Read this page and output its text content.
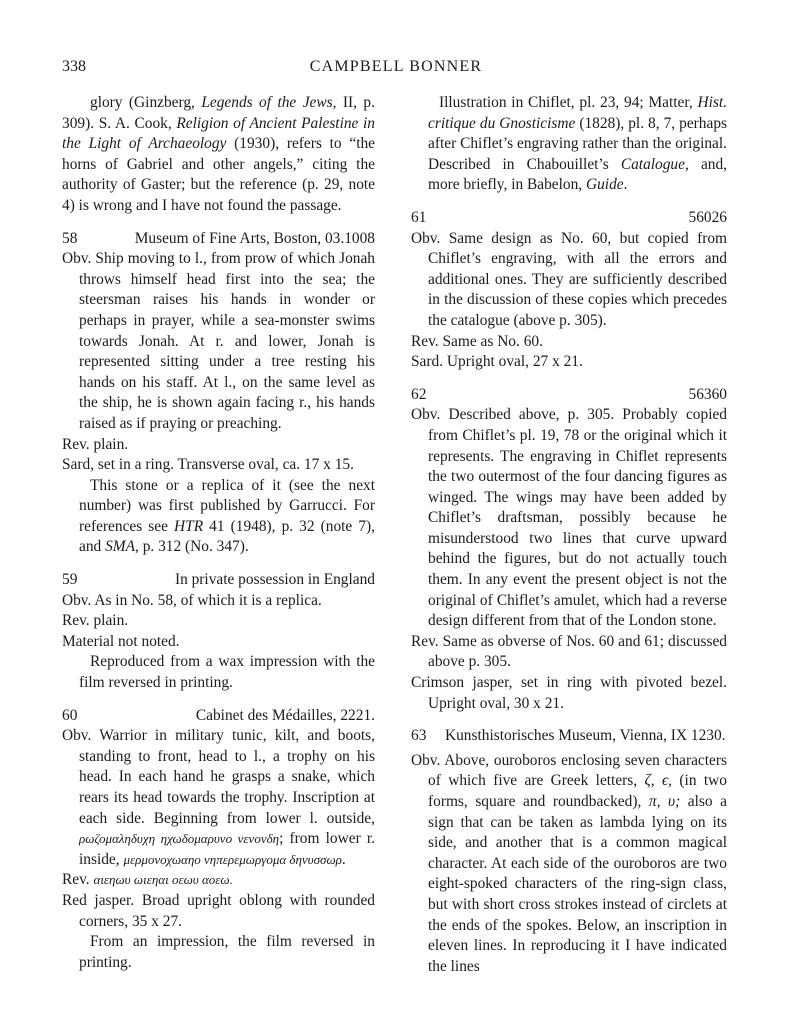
338	CAMPBELL BONNER

glory (Ginzberg, Legends of the Jews, II, p. 309). S. A. Cook, Religion of Ancient Palestine in the Light of Archaeology (1930), refers to “the horns of Gabriel and other angels,” citing the authority of Gaster; but the reference (p. 29, note 4) is wrong and I have not found the passage.

58	Museum of Fine Arts, Boston, 03.1008

Obv. Ship moving to l., from prow of which Jonah throws himself head first into the sea; the steersman raises his hands in wonder or perhaps in prayer, while a sea-monster swims towards Jonah. At r. and lower, Jonah is represented sitting under a tree resting his hands on his staff. At l., on the same level as the ship, he is shown again facing r., his hands raised as if praying or preaching.

Rev. plain.

Sard, set in a ring. Transverse oval, ca. 17 x 15.

This stone or a replica of it (see the next number) was first published by Garrucci. For references see HTR 41 (1948), p. 32 (note 7), and SMA, p. 312 (No. 347).

59	In private possession in England

Obv. As in No. 58, of which it is a replica.

Rev. plain.

Material not noted.

Reproduced from a wax impression with the film reversed in printing.

60	Cabinet des Médailles, 2221.

Obv. Warrior in military tunic, kilt, and boots, standing to front, head to l., a trophy on his head. In each hand he grasps a snake, which rears its head towards the trophy. Inscription at each side. Beginning from lower l. outside, ρωζομαληδυχη ηχωδομαρυνο νενονδη; from lower r. inside, μερμονοχωαηο νηπερεμωργομα δηνυσσωρ.

Rev. αιεηωυ ωιεηαι οεωυ αοεω.

Red jasper. Broad upright oblong with rounded corners, 35 x 27.

From an impression, the film reversed in printing.

Illustration in Chiflet, pl. 23, 94; Matter, Hist. critique du Gnosticisme (1828), pl. 8, 7, perhaps after Chiflet’s engraving rather than the original. Described in Chabouillet’s Catalogue, and, more briefly, in Babelon, Guide.

61	56026

Obv. Same design as No. 60, but copied from Chiflet’s engraving, with all the errors and additional ones. They are sufficiently described in the discussion of these copies which precedes the catalogue (above p. 305).

Rev. Same as No. 60.

Sard. Upright oval, 27 x 21.

62	56360

Obv. Described above, p. 305. Probably copied from Chiflet’s pl. 19, 78 or the original which it represents. The engraving in Chiflet represents the two outermost of the four dancing figures as winged. The wings may have been added by Chiflet’s draftsman, possibly because he misunderstood two lines that curve upward behind the figures, but do not actually touch them. In any event the present object is not the original of Chiflet’s amulet, which had a reverse design different from that of the London stone.

Rev. Same as obverse of Nos. 60 and 61; discussed above p. 305.

Crimson jasper, set in ring with pivoted bezel. Upright oval, 30 x 21.

63	Kunsthistorisches Museum, Vienna, IX 1230.

Obv. Above, ouroboros enclosing seven characters of which five are Greek letters, ζ, ϵ, (in two forms, square and roundbacked), π, υ; also a sign that can be taken as lambda lying on its side, and another that is a common magical character. At each side of the ouroboros are two eight-spoked characters of the ring-sign class, but with short cross strokes instead of circlets at the ends of the spokes. Below, an inscription in eleven lines. In reproducing it I have indicated the lines
